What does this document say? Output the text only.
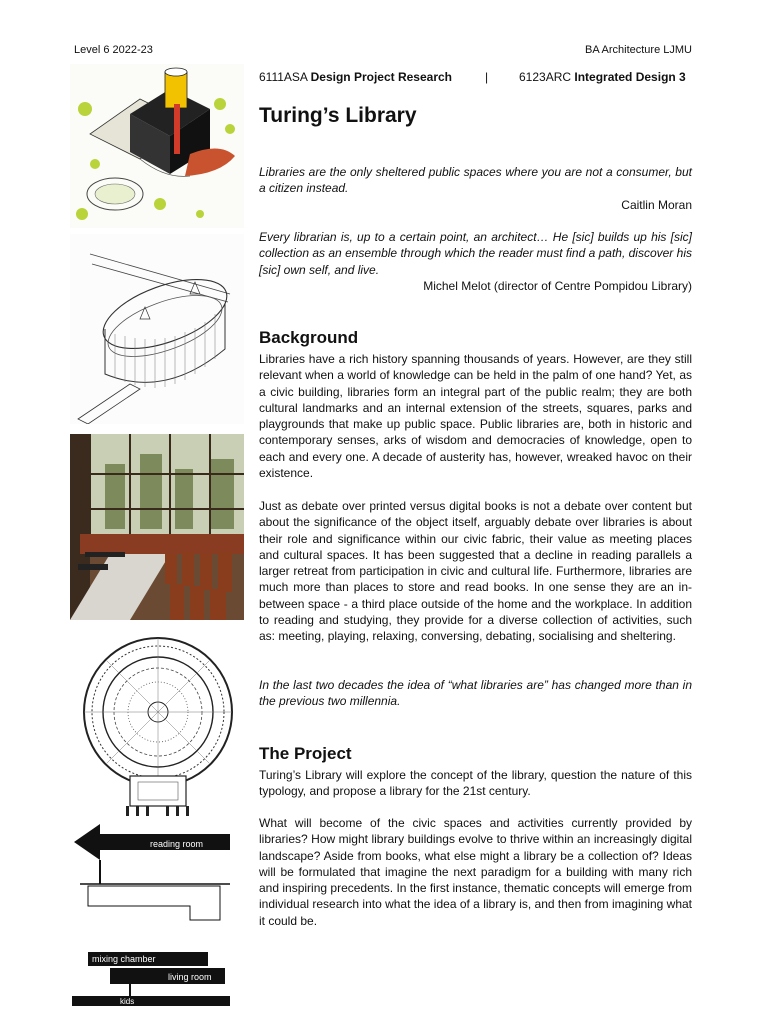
Level 6 2022-23	BA Architecture LJMU
reading room
mixing chamber
living room
kids
6111ASA Design Project Research	|	6123ARC Integrated Design 3
Turing’s Library

Libraries are the only sheltered public spaces where you are not a consumer, but a citizen instead.
Caitlin Moran

Every librarian is, up to a certain point, an architect… He [sic] builds up his [sic] collection as an ensemble through which the reader must find a path, discover his [sic] own self, and live.
Michel Melot (director of Centre Pompidou Library)

Background

Libraries have a rich history spanning thousands of years. However, are they still relevant when a world of knowledge can be held in the palm of one hand? Yet, as a civic building, libraries form an integral part of the public realm; they are both cultural landmarks and an internal extension of the streets, squares, parks and playgrounds that make up public space. Public libraries are, both in historic and contemporary senses, arks of wisdom and democracies of knowledge, open to each and every one. A decade of austerity has, however, wreaked havoc on their existence.

Just as debate over printed versus digital books is not a debate over content but about the significance of the object itself, arguably debate over libraries is about their role and significance within our civic fabric, their value as meeting places and cultural spaces. It has been suggested that a decline in reading parallels a larger retreat from participation in civic and cultural life. Furthermore, libraries are much more than places to store and read books. In one sense they are an in-between space - a third place outside of the home and the workplace. In addition to reading and studying, they provide for a diverse collection of activities, such as: meeting, playing, relaxing, conversing, debating, socialising and sheltering.

In the last two decades the idea of “what libraries are” has changed more than in the previous two millennia.

The Project

Turing’s Library will explore the concept of the library, question the nature of this typology, and propose a library for the 21st century.

What will become of the civic spaces and activities currently provided by libraries? How might library buildings evolve to thrive within an increasingly digital landscape? Aside from books, what else might a library be a collection of? Ideas will be formulated that imagine the next paradigm for a building with many rich and inspiring precedents. In the first instance, thematic concepts will emerge from individual research into what the idea of a library is, and then from imagining what it could be.
